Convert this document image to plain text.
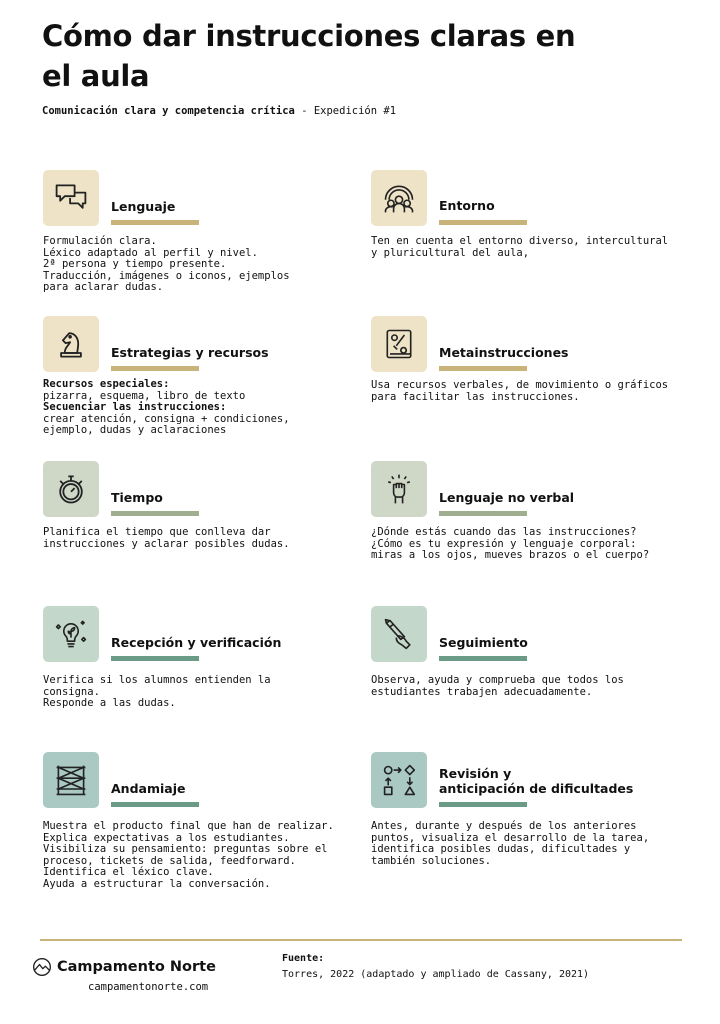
Cómo dar instrucciones claras en el aula
Comunicación clara y competencia crítica - Expedición #1
Lenguaje
Formulación clara.
Léxico adaptado al perfil y nivel.
2ª persona y tiempo presente.
Traducción, imágenes o iconos, ejemplos
para aclarar dudas.
Entorno
Ten en cuenta el entorno diverso, intercultural
y pluricultural del aula,
Estrategias y recursos
Recursos especiales:
pizarra, esquema, libro de texto
Secuenciar las instrucciones:
crear atención, consigna + condiciones,
ejemplo, dudas y aclaraciones
Metainstrucciones
Usa recursos verbales, de movimiento o gráficos
para facilitar las instrucciones.
Tiempo
Planifica el tiempo que conlleva dar
instrucciones y aclarar posibles dudas.
Lenguaje no verbal
¿Dónde estás cuando das las instrucciones?
¿Cómo es tu expresión y lenguaje corporal:
miras a los ojos, mueves brazos o el cuerpo?
Recepción y verificación
Verifica si los alumnos entienden la
consigna.
Responde a las dudas.
Seguimiento
Observa, ayuda y comprueba que todos los
estudiantes trabajen adecuadamente.
Andamiaje
Muestra el producto final que han de realizar.
Explica expectativas a los estudiantes.
Visibiliza su pensamiento: preguntas sobre el
proceso, tickets de salida, feedforward.
Identifica el léxico clave.
Ayuda a estructurar la conversación.
Revisión y
anticipación de dificultades
Antes, durante y después de los anteriores
puntos, visualiza el desarrollo de la tarea,
identifica posibles dudas, dificultades y
también soluciones.
Campamento Norte
campamentonorte.com
Fuente:
Torres, 2022 (adaptado y ampliado de Cassany, 2021)
